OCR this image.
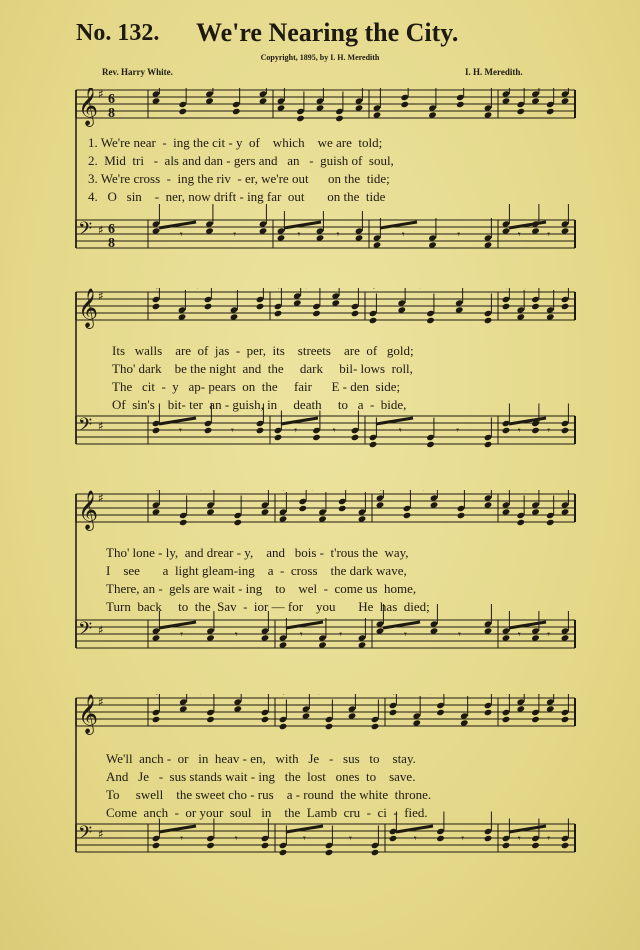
No. 132. We're Nearing the City.
Copyright, 1895, by I. H. Meredith
Rev. Harry White.	I. H. Meredith.
𝄞 ♯ 6
8
𝄢 ♯ 6
8
𝄾	𝄾	𝄾	𝄾	𝄾	𝄾	𝄾 𝄾
1. We're near  -  ing the cit - y  of    which    we are  told;
2.  Mid  tri   -  als and dan - gers and   an   -  guish of  soul,
3. We're cross  -  ing the riv  - er, we're out      on the  tide;
4.   O   sin    -  ner, now drift - ing far  out       on the  tide
𝄞 ♯
𝄢 ♯	𝄾	𝄾	𝄾	𝄾	𝄾	𝄾	𝄾 𝄾
Its   walls    are  of  jas  -  per,  its    streets    are  of   gold;
Tho' dark    be the night  and  the     dark     bil- lows  roll,
The   cit  -  y   ap- pears  on  the     fair      E - den  side;
Of  sin's    bit- ter  an - guish, in     death     to   a  -  bide,
𝄞 ♯
𝄢 ♯	𝄾	𝄾	𝄾	𝄾	𝄾	𝄾	𝄾 𝄾
Tho' lone - ly,  and drear - y,    and   bois -  t'rous the  way,
I    see       a  light gleam-ing    a  -  cross    the dark wave,
There, an -  gels are wait - ing    to    wel  -  come us  home,
Turn  back     to  the  Sav  -  ior — for    you       He  has  died;
𝄞 ♯
𝄢 ♯	𝄾	𝄾	𝄾	𝄾	𝄾	𝄾	𝄾 𝄾
We'll  anch -  or   in  heav - en,   with   Je   -   sus   to    stay.
And   Je   -  sus stands wait - ing   the  lost   ones  to    save.
To     swell    the sweet cho - rus    a - round  the white  throne.
Come  anch  -  or your  soul   in    the  Lamb  cru  -  ci  -  fied.
